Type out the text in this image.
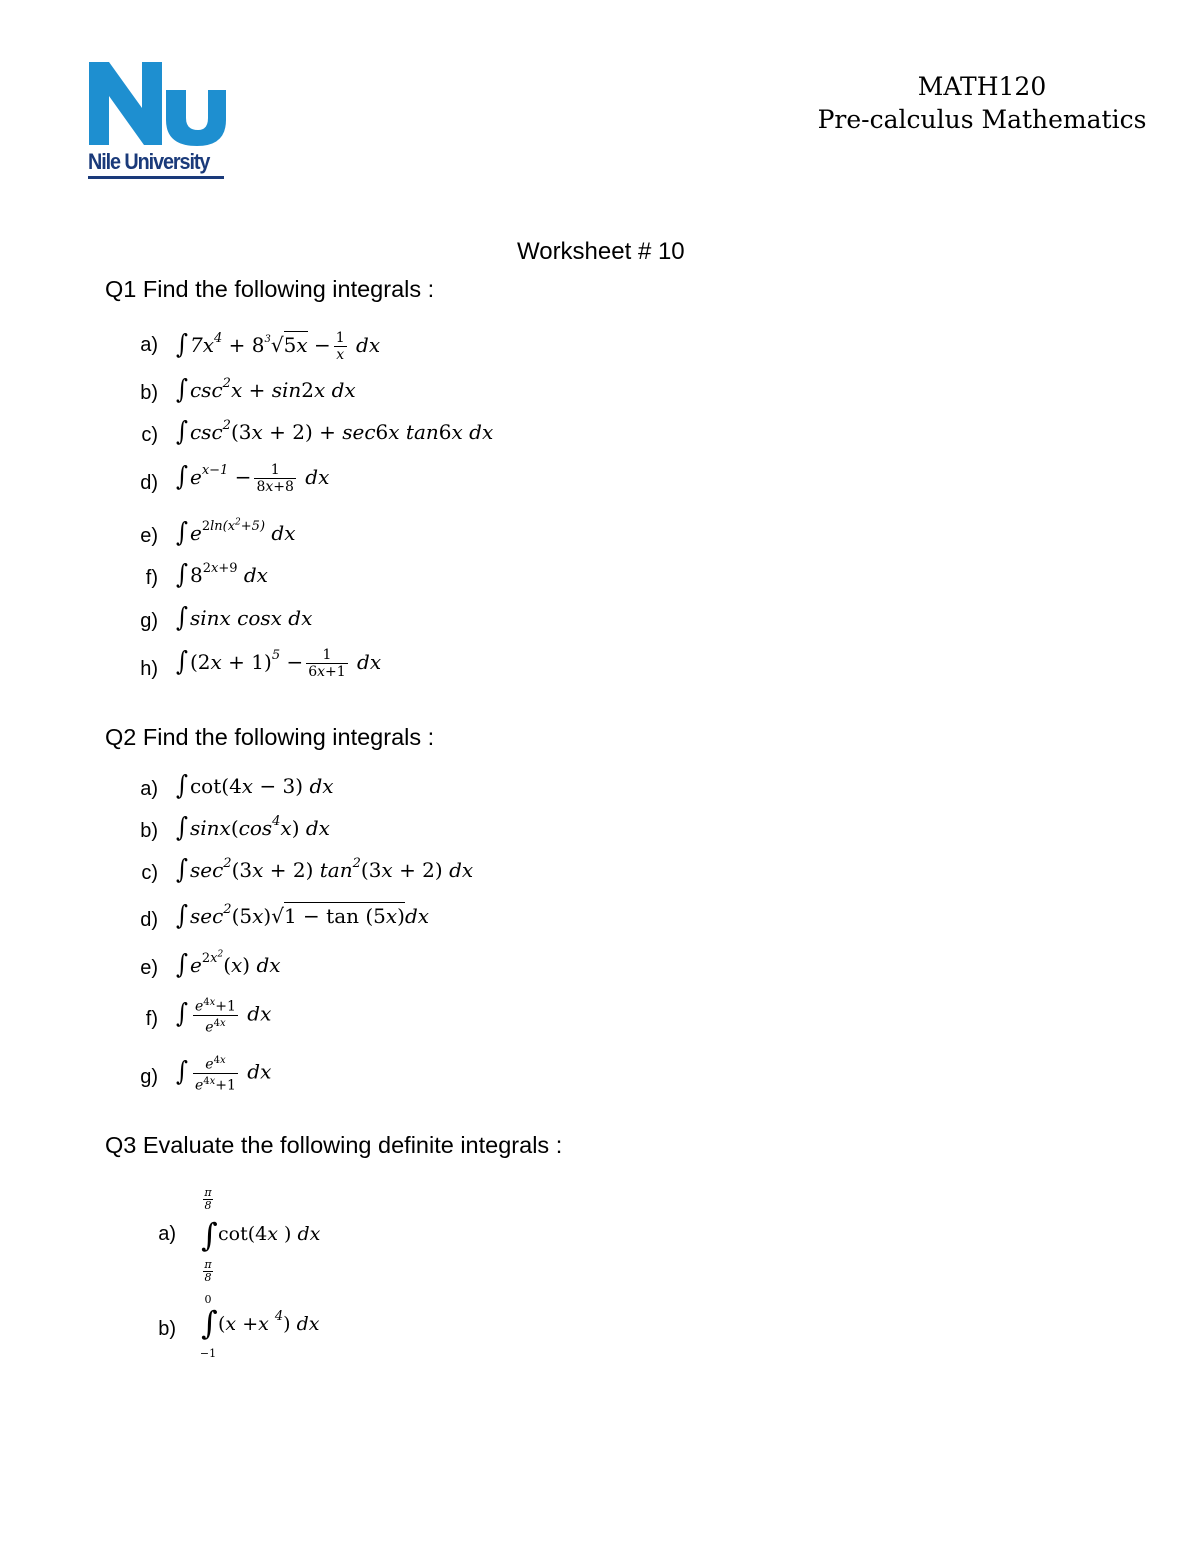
Nile University
MATH120
Pre-calculus Mathematics
Worksheet # 10
Q1 Find the following integrals :
a) ∫ $7x^4 + 8^3√5x - \frac{1}{x}$ dx
b) ∫ $\csc^2x + \sin 2x$ dx
c) ∫ $\csc^2(3x + 2) + \sec 6x$ tan6x dx
d) ∫ $e^{x-1} - \frac{1}{8x+8}$ dx
e) ∫ $e^{2ln(x^2+5)}$ dx
f) ∫ $8^{2x+9}$ dx
g) ∫ sinx cosx dx
h) ∫ $(2x + 1)^5 - \frac{1}{6x+1}$ dx
Q2 Find the following integrals :
a) ∫ cot(4x − 3) dx
b) ∫ $\sin x(\cos^4x)$ dx
c) ∫ $\sec^2(3x + 2) \tan^2(3x + 2)$ dx
d) ∫ $\sec^2(5x)√1 - \tan (5x)dx$
e) ∫ $e^{2x^2}(x)$ dx
f) ∫ $\frac{e^{4x}+1}{e^{4x}}$ dx
g) ∫ $\frac{e^{4x}}{e^{4x}+1}$ dx
Q3 Evaluate the following definite integrals :
a)
π
8
∫
π
8
cot(4x ) dx
b)
0
∫
−1
(x +x $^4$) dx
